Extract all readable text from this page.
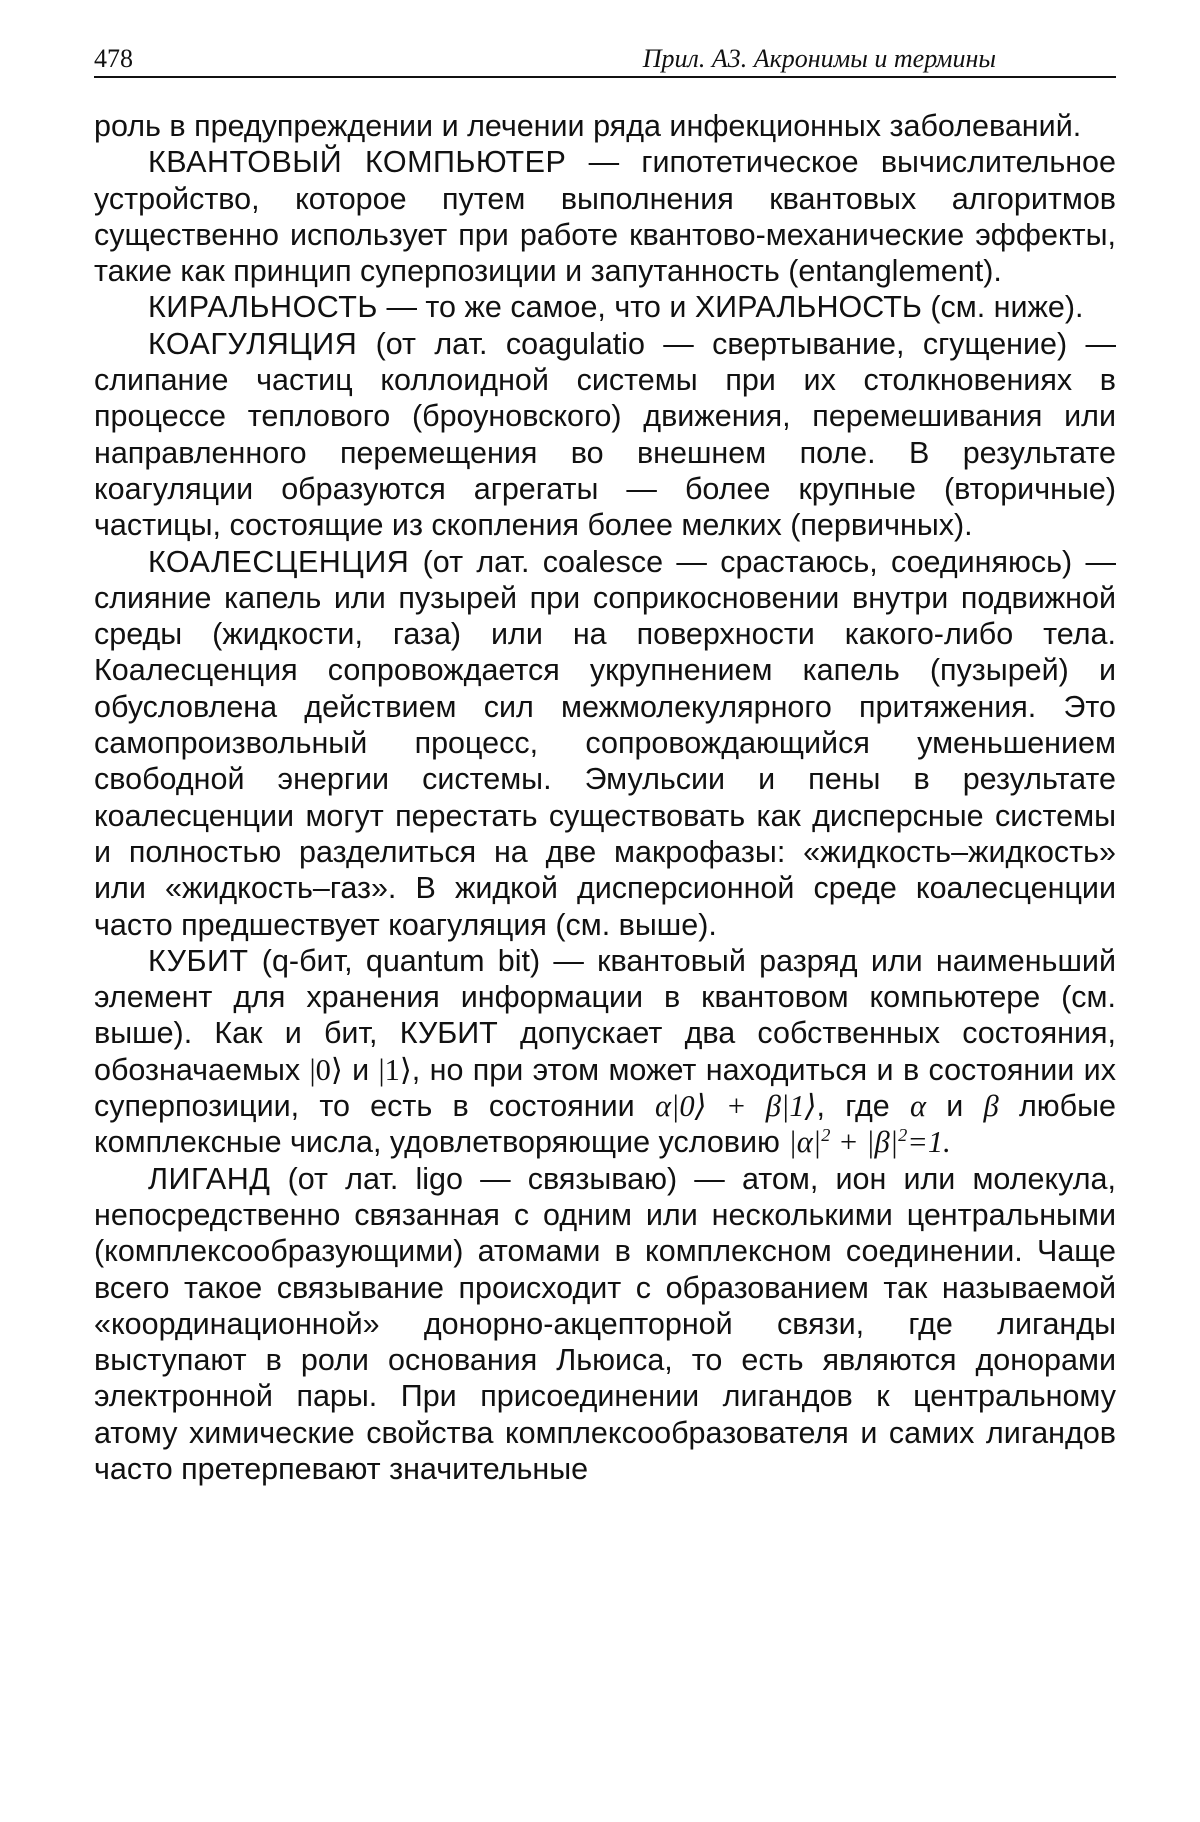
478	Прил. А3. Акронимы и термины

роль в предупреждении и лечении ряда инфекционных заболеваний.

КВАНТОВЫЙ КОМПЬЮТЕР — гипотетическое вычислительное устройство, которое путем выполнения квантовых алгоритмов существенно использует при работе квантово-механические эффекты, такие как принцип суперпозиции и запутанность (entanglement).

КИРАЛЬНОСТЬ — то же самое, что и ХИРАЛЬНОСТЬ (см. ниже).

КОАГУЛЯЦИЯ (от лат. coagulatio — свертывание, сгущение) — слипание частиц коллоидной системы при их столкновениях в процессе теплового (броуновского) движения, перемешивания или направленного перемещения во внешнем поле. В результате коагуляции образуются агрегаты — более крупные (вторичные) частицы, состоящие из скопления более мелких (первичных).

КОАЛЕСЦЕНЦИЯ (от лат. coalesce — срастаюсь, соединяюсь) — слияние капель или пузырей при соприкосновении внутри подвижной среды (жидкости, газа) или на поверхности какого-либо тела. Коалесценция сопровождается укрупнением капель (пузырей) и обусловлена действием сил межмолекулярного притяжения. Это самопроизвольный процесс, сопровождающийся уменьшением свободной энергии системы. Эмульсии и пены в результате коалесценции могут перестать существовать как дисперсные системы и полностью разделиться на две макрофазы: «жидкость–жидкость» или «жидкость–газ». В жидкой дисперсионной среде коалесценции часто предшествует коагуляция (см. выше).

КУБИТ (q-бит, quantum bit) — квантовый разряд или наименьший элемент для хранения информации в квантовом компьютере (см. выше). Как и бит, КУБИТ допускает два собственных состояния, обозначаемых |0⟩ и |1⟩, но при этом может находиться и в состоянии их суперпозиции, то есть в состоянии α|0⟩ + β|1⟩, где α и β любые комплексные числа, удовлетворяющие условию $|\alpha|^2 + |\beta|^2=1$.

ЛИГАНД (от лат. ligo — связываю) — атом, ион или молекула, непосредственно связанная с одним или несколькими центральными (комплексообразующими) атомами в комплексном соединении. Чаще всего такое связывание происходит с образованием так называемой «координационной» донорно-акцепторной связи, где лиганды выступают в роли основания Льюиса, то есть являются донорами электронной пары. При присоединении лигандов к центральному атому химические свойства комплексообразователя и самих лигандов часто претерпевают значительные
